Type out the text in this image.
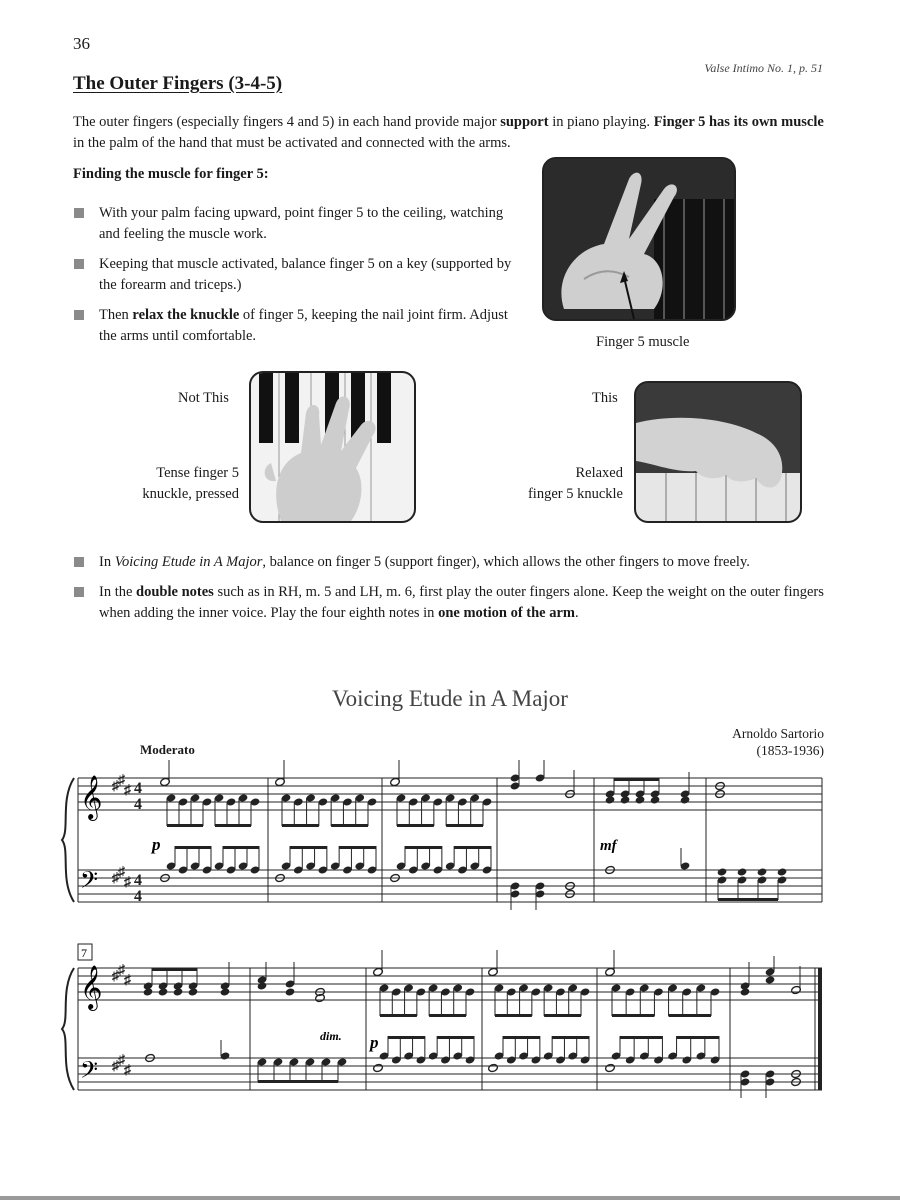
36
Valse Intimo No. 1, p. 51
The Outer Fingers (3-4-5)
The outer fingers (especially fingers 4 and 5) in each hand provide major support in piano playing. Finger 5 has its own muscle in the palm of the hand that must be activated and connected with the arms.
Finding the muscle for finger 5:
With your palm facing upward, point finger 5 to the ceiling, watching and feeling the muscle work.
Keeping that muscle activated, balance finger 5 on a key (supported by the forearm and triceps.)
Then relax the knuckle of finger 5, keeping the nail joint firm. Adjust the arms until comfortable.	Finger 5 muscle
Not This
Tense finger 5
knuckle, pressed
This
Relaxed
finger 5 knuckle
In Voicing Etude in A Major, balance on finger 5 (support finger), which allows the other fingers to move freely.
In the double notes such as in RH, m. 5 and LH, m. 6, first play the outer fingers alone. Keep the weight on the outer fingers when adding the inner voice. Play the four eighth notes in one motion of the arm.
Voicing Etude in A Major
Arnoldo Sartorio
(1853-1936)
Moderato
𝄞
𝄢
♯ ♯
♯
♯ ♯
♯
4
4
4
4
p	mf
7
𝄞
𝄢
♯ ♯
♯
♯ ♯
♯
dim. p
